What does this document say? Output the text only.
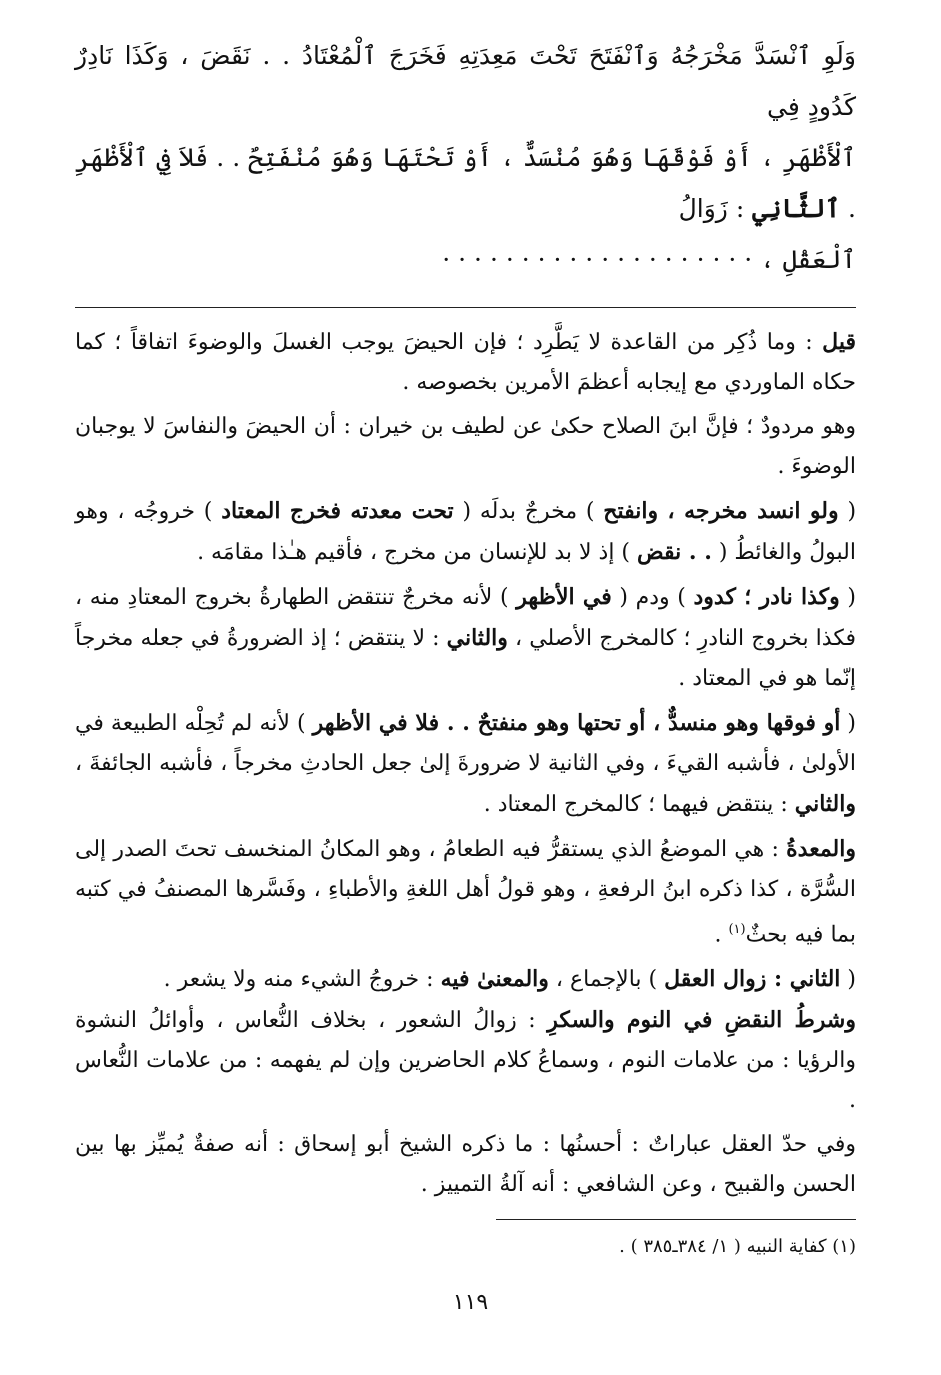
وَلَوِ ٱنْسَدَّ مَخْرَجُهُ وَٱنْفَتَحَ تَحْتَ مَعِدَتِهِ فَخَرَجَ ٱلْمُعْتَادُ . . نَقَضَ ، وَكَذَا نَادِرٌ كَدُودٍ فِي

ٱلْأَظْهَرِ ، أَوْ فَوْقَهَا وَهُوَ مُنْسَدٌّ ، أَوْ تَحْتَهَا وَهُوَ مُنْفَتِحٌ . . فَلاَ فِي ٱلْأَظْهَرِ . ٱلثَّانِي : زَوَالُ

ٱلْعَقْلِ ، · · · · · · · · · · · · · · · · · · · ·

قيل : وما ذُكِر من القاعدة لا يَطَّرِد ؛ فإن الحيضَ يوجب الغسلَ والوضوءَ اتفاقاً ؛ كما حكاه الماوردي مع إيجابه أعظمَ الأمرين بخصوصه .

وهو مردودٌ ؛ فإنَّ ابنَ الصلاح حكىٰ عن لطيف بن خيران : أن الحيضَ والنفاسَ لا يوجبان الوضوءَ .

( ولو انسد مخرجه ، وانفتح ) مخرجٌ بدلَه ( تحت معدته فخرج المعتاد ) خروجُه ، وهو البولُ والغائطُ ( . . نقض ) إذ لا بد للإنسان من مخرج ، فأقيم هـٰذا مقامَه .

( وكذا نادر ؛ كدود ) ودم ( في الأظهر ) لأنه مخرجٌ تنتقض الطهارةُ بخروج المعتادِ منه ، فكذا بخروج النادرِ ؛ كالمخرج الأصلي ، والثاني : لا ينتقض ؛ إذ الضرورةُ في جعله مخرجاً إنّما هو في المعتاد .

( أو فوقها وهو منسدٌّ ، أو تحتها وهو منفتحٌ . . فلا في الأظهر ) لأنه لم تُحِلْه الطبيعة في الأولىٰ ، فأشبه القيءَ ، وفي الثانية لا ضرورةَ إلىٰ جعل الحادثِ مخرجاً ، فأشبه الجائفةَ ، والثاني : ينتقض فيهما ؛ كالمخرج المعتاد .

والمعدةُ : هي الموضعُ الذي يستقرُّ فيه الطعامُ ، وهو المكانُ المنخسف تحتَ الصدر إلى السُّرَّة ، كذا ذكره ابنُ الرفعةِ ، وهو قولُ أهل اللغةِ والأطباءِ ، وفَسَّرها المصنفُ في كتبه بما فيه بحثٌ$^{(١)}$ .

( الثاني : زوال العقل ) بالإجماع ، والمعنىٰ فيه : خروجُ الشيء منه ولا يشعر .

وشرطُ النقضِ في النوم والسكرِ : زوالُ الشعور ، بخلاف النُّعاس ، وأوائلُ النشوة والرؤيا : من علامات النوم ، وسماعُ كلام الحاضرين وإن لم يفهمه : من علامات النُّعاس .

وفي حدّ العقل عباراتٌ : أحسنُها : ما ذكره الشيخ أبو إسحاق : أنه صفةٌ يُميِّز بها بين الحسن والقبيح ، وعن الشافعي : أنه آلةُ التمييز .

(١) كفاية النبيه ( ١/ ٣٨٤ـ٣٨٥ ) .

١١٩
